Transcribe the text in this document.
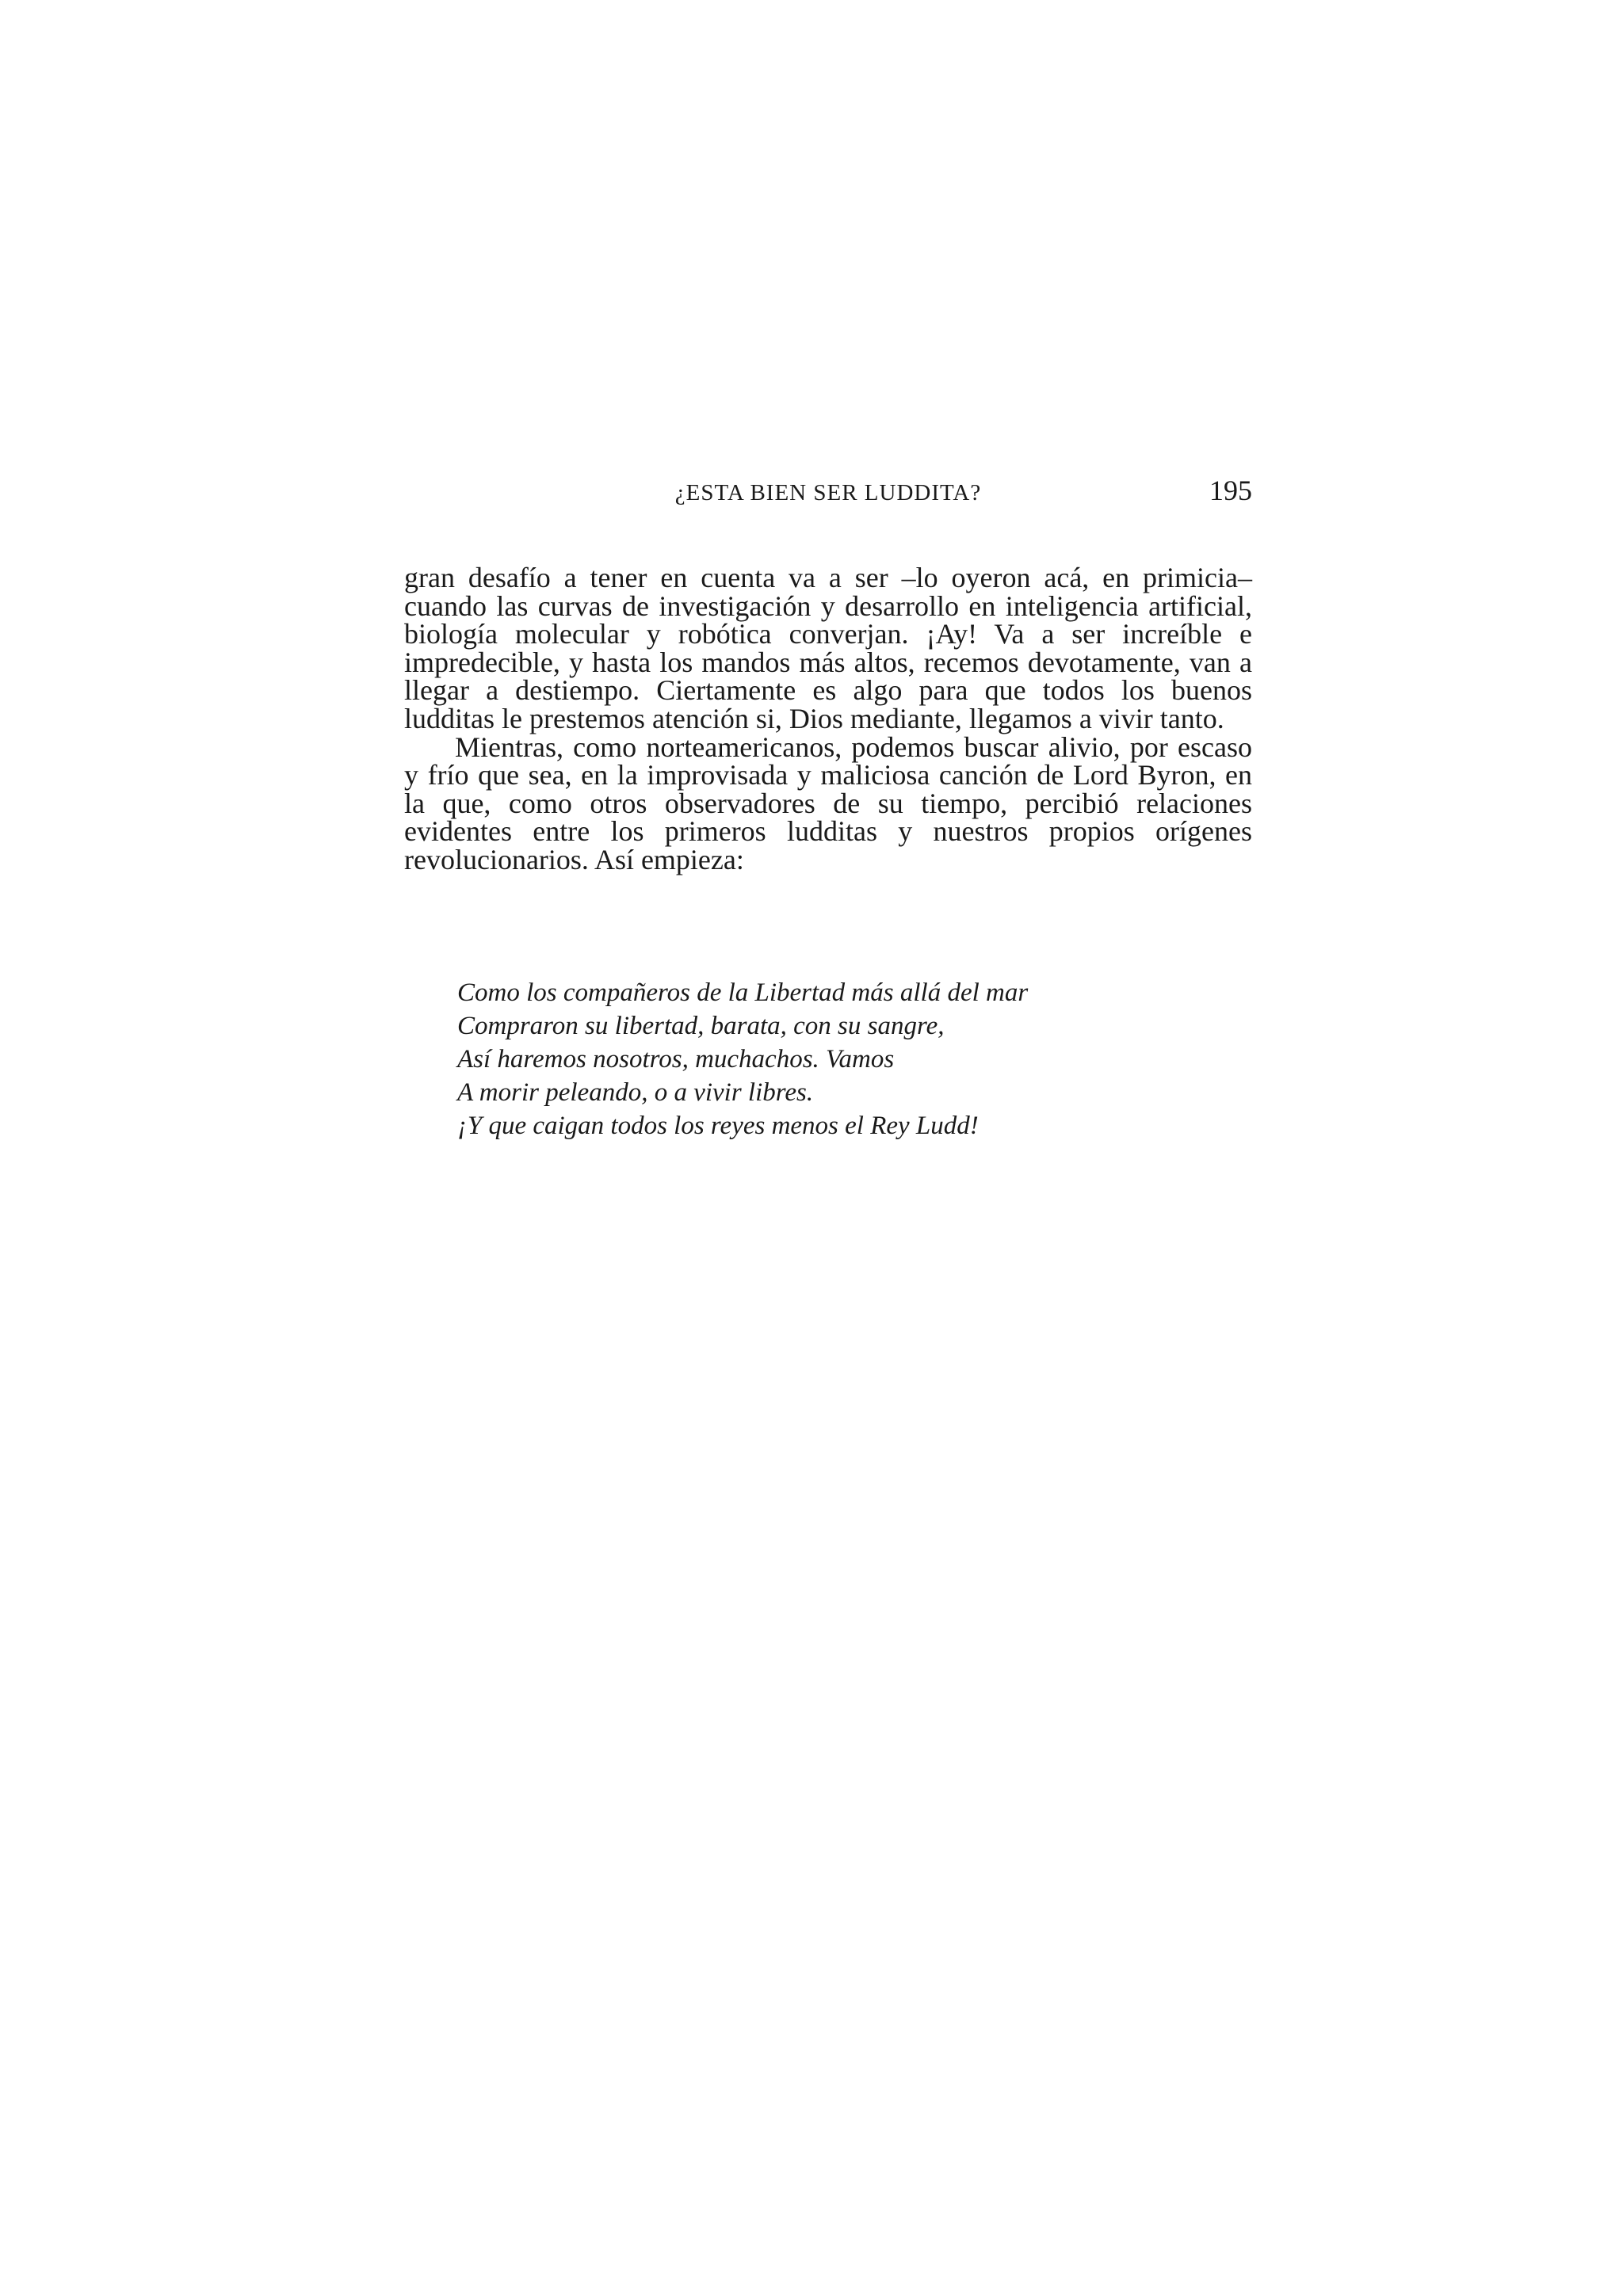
¿ESTA BIEN SER LUDDITA?	195

gran desafío a tener en cuenta va a ser –lo oyeron acá, en primicia– cuando las curvas de investigación y desarrollo en inteligencia artificial, biología molecular y robótica converjan. ¡Ay! Va a ser increíble e impredecible, y hasta los mandos más altos, recemos devotamente, van a llegar a destiempo. Ciertamente es algo para que todos los buenos ludditas le prestemos atención si, Dios mediante, llegamos a vivir tanto.

Mientras, como norteamericanos, podemos buscar alivio, por escaso y frío que sea, en la improvisada y maliciosa canción de Lord Byron, en la que, como otros observadores de su tiempo, percibió relaciones evidentes entre los primeros ludditas y nuestros propios orígenes revolucionarios. Así empieza:

Como los compañeros de la Libertad más allá del mar
Compraron su libertad, barata, con su sangre,
Así haremos nosotros, muchachos. Vamos
A morir peleando, o a vivir libres.
¡Y que caigan todos los reyes menos el Rey Ludd!
